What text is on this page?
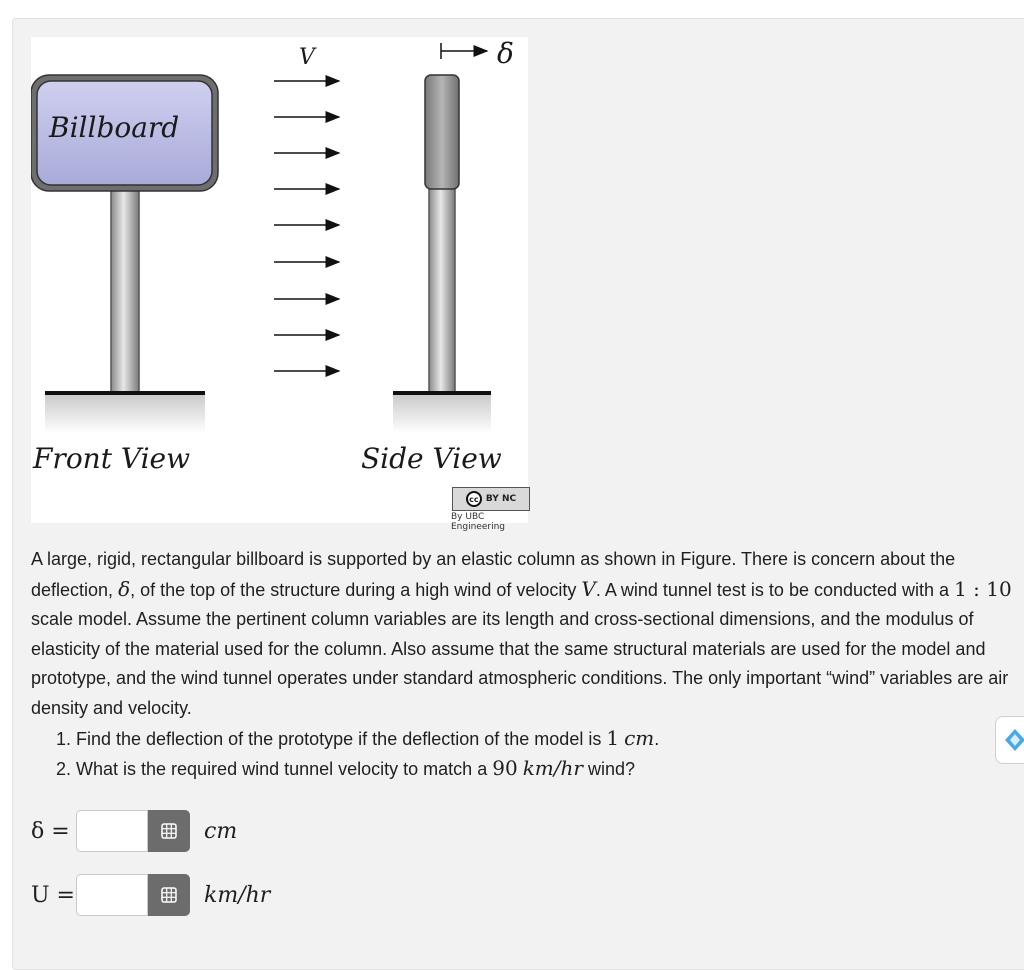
Billboard
V	δ
Front View	Side View
cc BY NC
By UBC Engineering

A large, rigid, rectangular billboard is supported by an elastic column as shown in Figure. There is concern about the deflection, δ, of the top of the structure during a high wind of velocity V. A wind tunnel test is to be conducted with a 1 : 10 scale model. Assume the pertinent column variables are its length and cross-sectional dimensions, and the modulus of elasticity of the material used for the column. Also assume that the same structural materials are used for the model and prototype, and the wind tunnel operates under standard atmospheric conditions. The only important “wind” variables are air density and velocity.

1. Find the deflection of the prototype if the deflection of the model is 1 cm.
2. What is the required wind tunnel velocity to match a 90 km/hr wind?
δ =	cm
U =	km/hr
